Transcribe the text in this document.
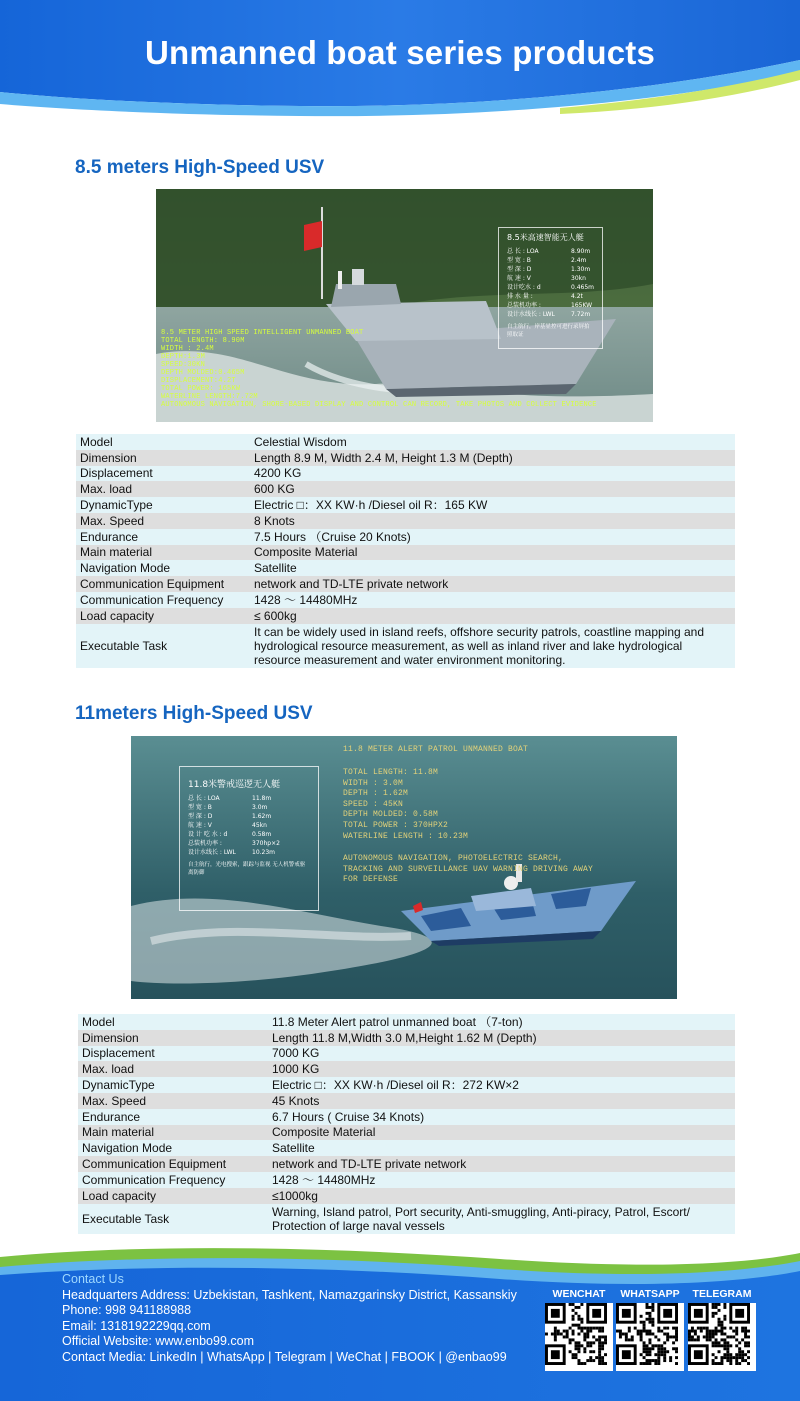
Unmanned boat series products
8.5 meters High-Speed USV
8.5米高速智能无人艇
总 长 : LOA	8.90m
型 宽 : B	2.4m
型 深 : D	1.30m
航 速 : V	30kn
设计吃水 : d	0.465m
排 水 量 :	4.2t
总装机功率 :	165KW
设计水线长 : LWL	7.72m
自主航行，岸基显控可进行录屏拍照取证
8.5 METER HIGH SPEED INTELLIGENT UNMANNED BOAT
TOTAL LENGTH: 8.90M
WIDTH : 2.4M
DEPTH:1.3M
SPEED:30KN
DEPTH MOLDED:0.465M
DISPLACEMENT:4.2T
TOTAL POWER: 165KW
WATERLINE LENGTH:7.72M
AUTONOMOUS NAVIGATION, SHORE-BASED DISPLAY AND CONTROL CAN RECORD, TAKE PHOTOS AND COLLECT EVIDENCE
Model	Celestial Wisdom
Dimension	Length 8.9 M, Width 2.4 M, Height 1.3 M (Depth)
Displacement	4200 KG
Max. load	600 KG
DynamicType	Electric □：XX KW·h /Diesel oil R：165 KW
Max. Speed	8 Knots
Endurance	7.5 Hours （Cruise 20 Knots)
Main material	Composite Material
Navigation Mode	Satellite
Communication Equipment	network and TD-LTE private network
Communication Frequency	1428 ～ 14480MHz
Load capacity	≤ 600kg
Executable Task	It can be widely used in island reefs, offshore security patrols, coastline mapping and hydrological resource measurement, as well as inland river and lake hydrological resource measurement and water environment monitoring.
11meters High-Speed USV
11.8米警戒巡逻无人艇
总 长 : LOA	11.8m
型 宽 : B	3.0m
型 深 : D	1.62m
航 速 : V	45kn
设 计 吃 水 : d	0.58m
总装机功率 :	370hp×2
设计水线长 : LWL	10.23m
自主航行，光电搜索，跟踪与监视 无人机警戒驱离防御
11.8 METER ALERT PATROL UNMANNED BOAT
TOTAL LENGTH: 11.8M
WIDTH : 3.0M
DEPTH : 1.62M
SPEED : 45KN
DEPTH MOLDED: 0.58M
TOTAL POWER : 370HPX2
WATERLINE LENGTH : 10.23M
AUTONOMOUS NAVIGATION, PHOTOELECTRIC SEARCH,
TRACKING AND SURVEILLANCE UAV WARNING DRIVING AWAY
FOR DEFENSE
Model	11.8 Meter Alert patrol unmanned boat （7-ton)
Dimension	Length 11.8 M,Width 3.0 M,Height 1.62 M (Depth)
Displacement	7000 KG
Max. load	1000 KG
DynamicType	Electric □：XX KW·h /Diesel oil R：272 KW×2
Max. Speed	45 Knots
Endurance	6.7 Hours ( Cruise 34 Knots)
Main material	Composite Material
Navigation Mode	Satellite
Communication Equipment	network and TD-LTE private network
Communication Frequency	1428 ～ 14480MHz
Load capacity	≤1000kg
Executable Task	Warning, Island patrol, Port security, Anti-smuggling, Anti-piracy, Patrol, Escort/ Protection of large naval vessels
Contact Us
Headquarters Address: Uzbekistan, Tashkent, Namazgarinsky District, Kassanskiy
Phone: 998 941188988
Email: 1318192229qq.com
Official Website: www.enbo99.com
Contact Media: LinkedIn | WhatsApp | Telegram | WeChat | FBOOK | @enbao99
WENCHAT	WHATSAPP	TELEGRAM
